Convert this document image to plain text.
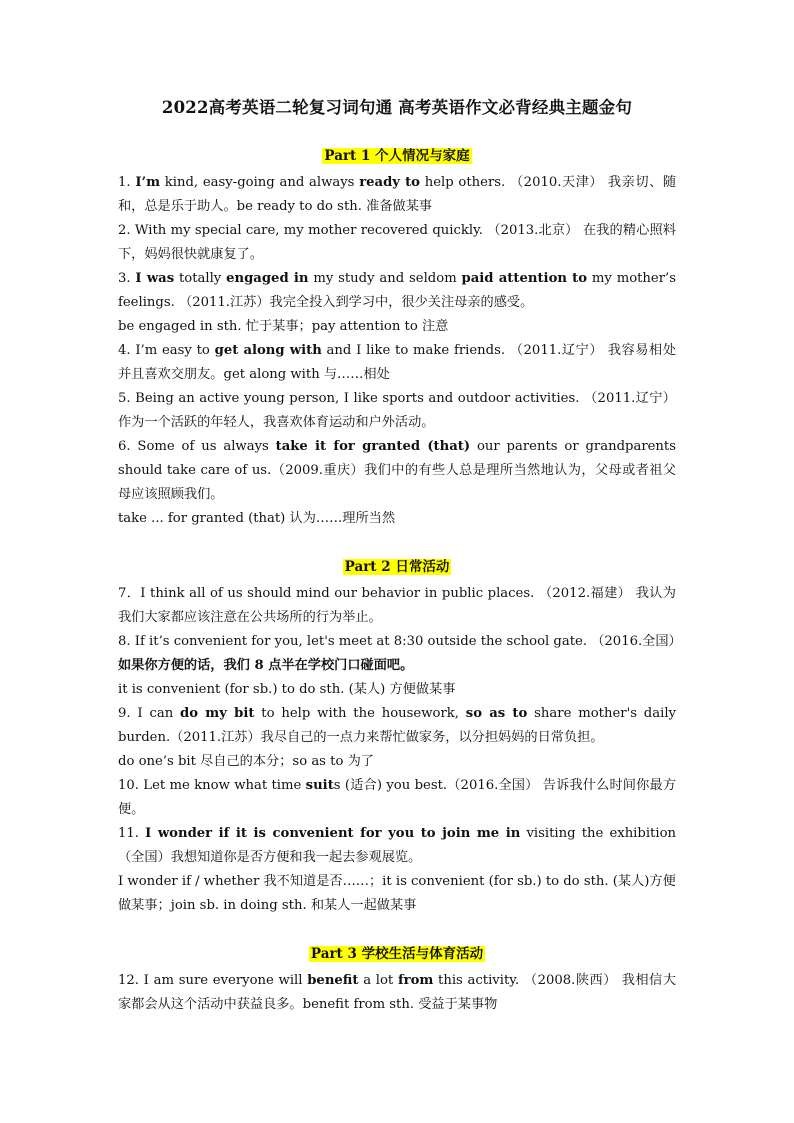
2022高考英语二轮复习词句通 高考英语作文必背经典主题金句
Part 1 个人情况与家庭

1. I’m kind, easy-going and always ready to help others. （2010.天津） 我亲切、随和，总是乐于助人。be ready to do sth. 准备做某事

2. With my special care, my mother recovered quickly. （2013.北京） 在我的精心照料下，妈妈很快就康复了。

3. I was totally engaged in my study and seldom paid attention to my mother’s feelings. （2011.江苏）我完全投入到学习中，很少关注母亲的感受。

be engaged in sth. 忙于某事；pay attention to 注意

4. I’m easy to get along with and I like to make friends. （2011.辽宁） 我容易相处并且喜欢交朋友。get along with 与……相处

5. Being an active young person, I like sports and outdoor activities. （2011.辽宁）作为一个活跃的年轻人，我喜欢体育运动和户外活动。

6. Some of us always take it for granted (that) our parents or grandparents should take care of us.（2009.重庆）我们中的有些人总是理所当然地认为，父母或者祖父母应该照顾我们。

take ... for granted (that) 认为……理所当然

Part 2 日常活动

7．I think all of us should mind our behavior in public places. （2012.福建） 我认为我们大家都应该注意在公共场所的行为举止。

8. If it’s convenient for you, let's meet at 8:30 outside the school gate. （2016.全国）如果你方便的话，我们 8 点半在学校门口碰面吧。

it is convenient (for sb.) to do sth. (某人) 方便做某事

9. I can do my bit to help with the housework, so as to share mother's daily burden.（2011.江苏）我尽自己的一点力来帮忙做家务，以分担妈妈的日常负担。

do one’s bit 尽自己的本分；so as to 为了

10. Let me know what time suits (适合) you best.（2016.全国） 告诉我什么时间你最方便。

11. I wonder if it is convenient for you to join me in visiting the exhibition （全国）我想知道你是否方便和我一起去参观展览。

I wonder if / whether 我不知道是否……；it is convenient (for sb.) to do sth. (某人)方便做某事；join sb. in doing sth. 和某人一起做某事

Part 3 学校生活与体育活动

12. I am sure everyone will benefit a lot from this activity. （2008.陕西） 我相信大家都会从这个活动中获益良多。benefit from sth. 受益于某事物
